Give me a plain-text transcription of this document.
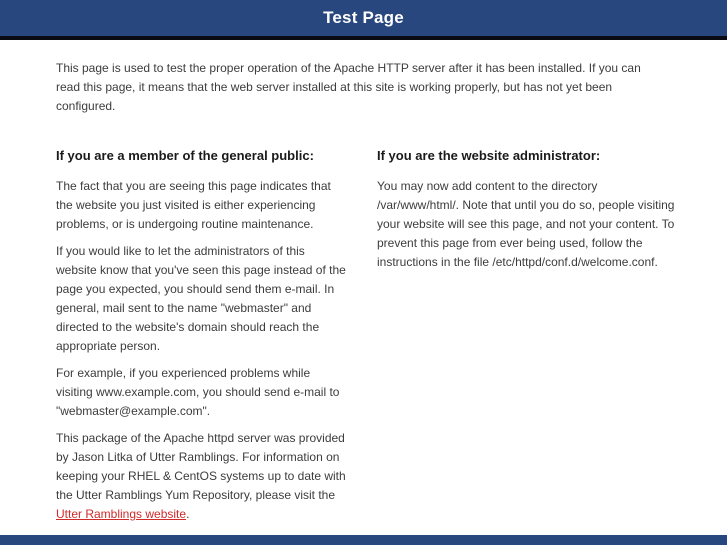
Test Page

This page is used to test the proper operation of the Apache HTTP server after it has been installed. If you can read this page, it means that the web server installed at this site is working properly, but has not yet been configured.

If you are a member of the general public:

The fact that you are seeing this page indicates that the website you just visited is either experiencing problems, or is undergoing routine maintenance.

If you would like to let the administrators of this website know that you've seen this page instead of the page you expected, you should send them e-mail. In general, mail sent to the name "webmaster" and directed to the website's domain should reach the appropriate person.

For example, if you experienced problems while visiting www.example.com, you should send e-mail to "webmaster@example.com".

This package of the Apache httpd server was provided by Jason Litka of Utter Ramblings. For information on keeping your RHEL & CentOS systems up to date with the Utter Ramblings Yum Repository, please visit the Utter Ramblings website.

If you are the website administrator:

You may now add content to the directory /var/www/html/. Note that until you do so, people visiting your website will see this page, and not your content. To prevent this page from ever being used, follow the instructions in the file /etc/httpd/conf.d/welcome.conf.
